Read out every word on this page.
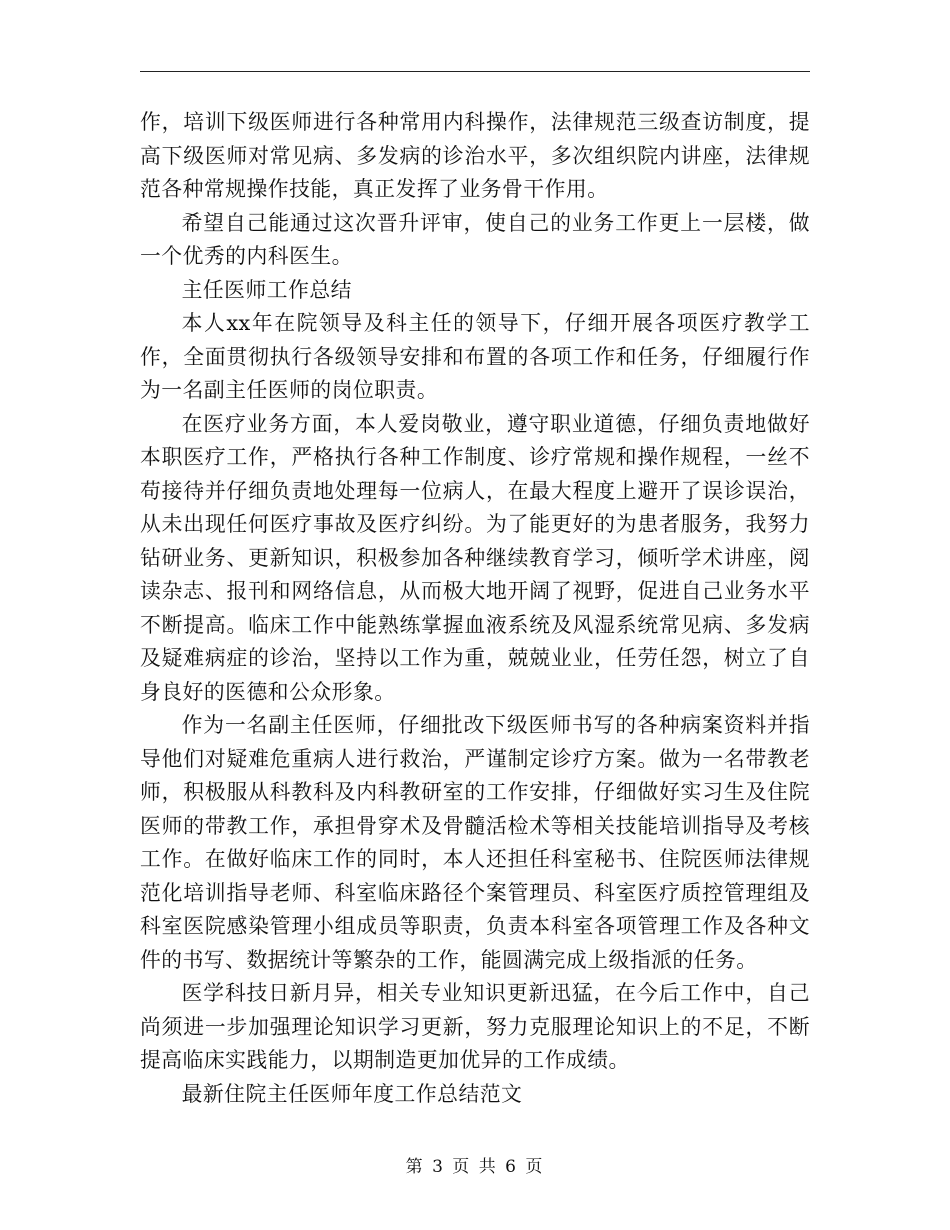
作，培训下级医师进行各种常用内科操作，法律规范三级查访制度，提高下级医师对常见病、多发病的诊治水平，多次组织院内讲座，法律规范各种常规操作技能，真正发挥了业务骨干作用。

希望自己能通过这次晋升评审，使自己的业务工作更上一层楼，做一个优秀的内科医生。

主任医师工作总结

本人xx年在院领导及科主任的领导下，仔细开展各项医疗教学工作，全面贯彻执行各级领导安排和布置的各项工作和任务，仔细履行作为一名副主任医师的岗位职责。

在医疗业务方面，本人爱岗敬业，遵守职业道德，仔细负责地做好本职医疗工作，严格执行各种工作制度、诊疗常规和操作规程，一丝不苟接待并仔细负责地处理每一位病人，在最大程度上避开了误诊误治，从未出现任何医疗事故及医疗纠纷。为了能更好的为患者服务，我努力钻研业务、更新知识，积极参加各种继续教育学习，倾听学术讲座，阅读杂志、报刊和网络信息，从而极大地开阔了视野，促进自己业务水平不断提高。临床工作中能熟练掌握血液系统及风湿系统常见病、多发病及疑难病症的诊治，坚持以工作为重，兢兢业业，任劳任怨，树立了自身良好的医德和公众形象。

作为一名副主任医师，仔细批改下级医师书写的各种病案资料并指导他们对疑难危重病人进行救治，严谨制定诊疗方案。做为一名带教老师，积极服从科教科及内科教研室的工作安排，仔细做好实习生及住院医师的带教工作，承担骨穿术及骨髓活检术等相关技能培训指导及考核工作。在做好临床工作的同时，本人还担任科室秘书、住院医师法律规范化培训指导老师、科室临床路径个案管理员、科室医疗质控管理组及科室医院感染管理小组成员等职责，负责本科室各项管理工作及各种文件的书写、数据统计等繁杂的工作，能圆满完成上级指派的任务。

医学科技日新月异，相关专业知识更新迅猛，在今后工作中，自己尚须进一步加强理论知识学习更新，努力克服理论知识上的不足，不断提高临床实践能力，以期制造更加优异的工作成绩。

最新住院主任医师年度工作总结范文

第 3 页 共 6 页
